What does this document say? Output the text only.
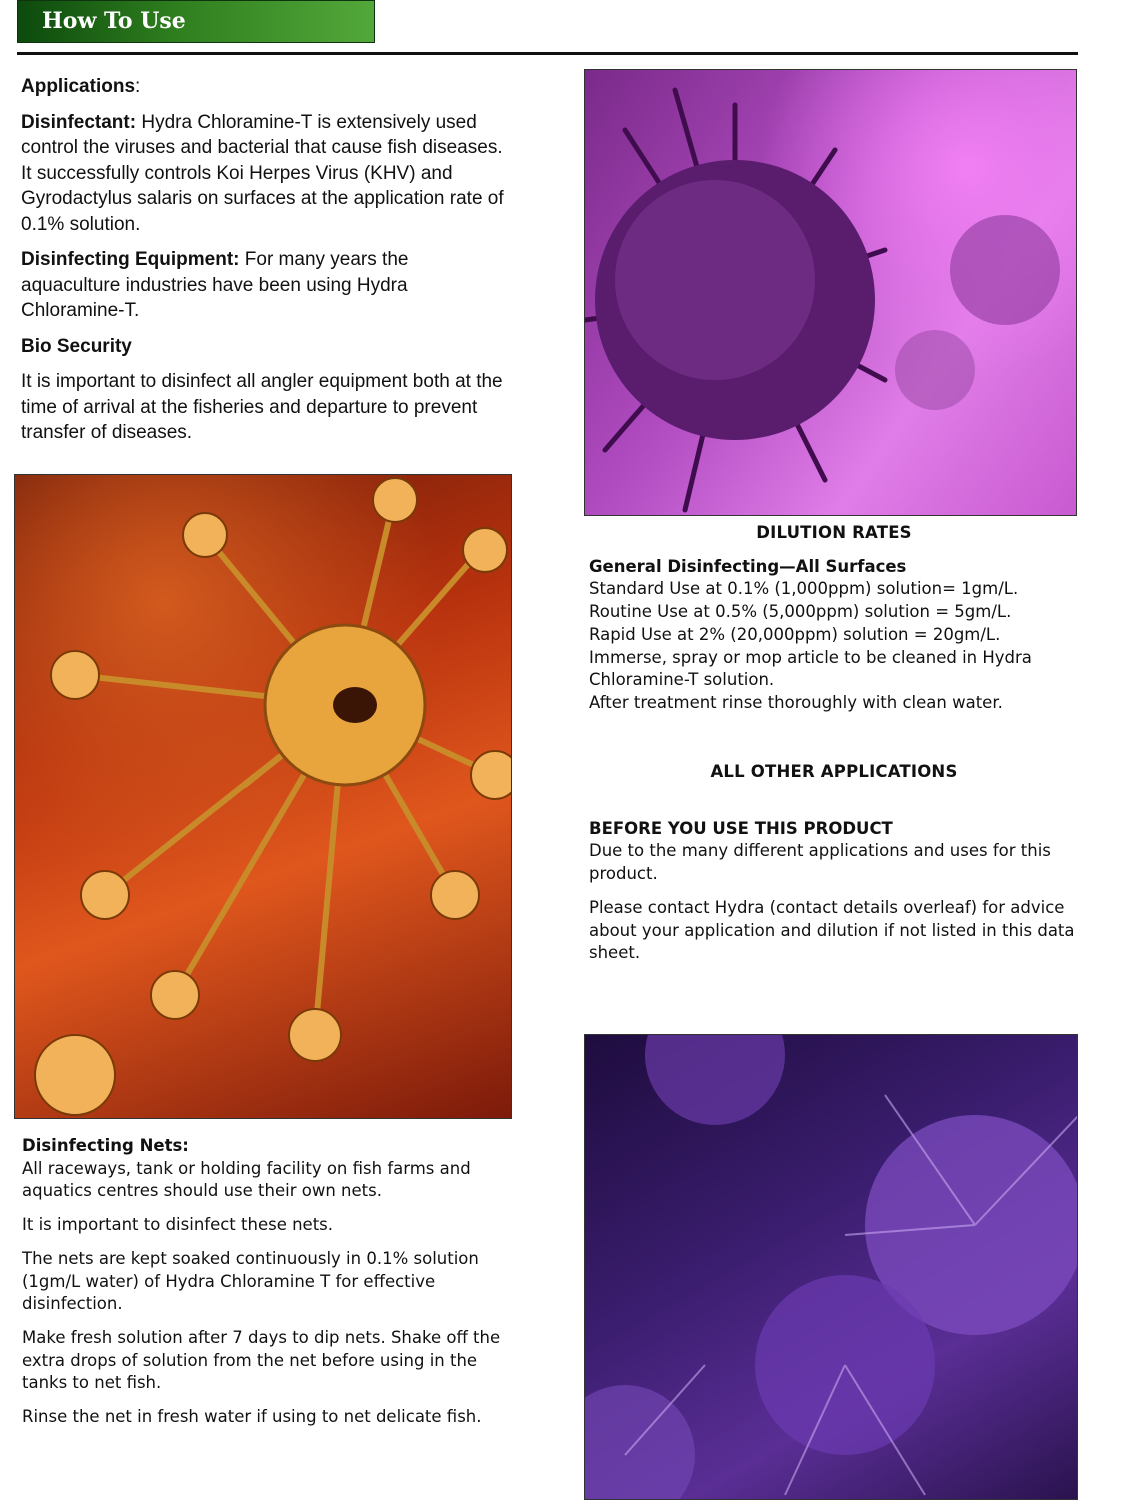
How To Use

Applications:

Disinfectant: Hydra Chloramine-T is extensively used control the viruses and bacterial that cause fish diseases. It successfully controls Koi Herpes Virus (KHV) and Gyrodactylus salaris on surfaces at the application rate of 0.1% solution.

Disinfecting Equipment: For many years the aquaculture industries have been using Hydra Chloramine-T.

Bio Security

It is important to disinfect all angler equipment both at the time of arrival at the fisheries and departure to prevent transfer of diseases.

DILUTION RATES

General Disinfecting—All Surfaces

Standard Use at 0.1% (1,000ppm) solution= 1gm/L.

Routine Use at 0.5% (5,000ppm) solution = 5gm/L.

Rapid Use at 2% (20,000ppm) solution = 20gm/L.

Immerse, spray or mop article to be cleaned in Hydra Chloramine-T solution.

After treatment rinse thoroughly with clean water.

ALL OTHER APPLICATIONS

BEFORE YOU USE THIS PRODUCT

Due to the many different applications and uses for this product.

Please contact Hydra (contact details overleaf) for advice about your application and dilution if not listed in this data sheet.

Disinfecting Nets:

All raceways, tank or holding facility on fish farms and aquatics centres should use their own nets.

It is important to disinfect these nets.

The nets are kept soaked continuously in 0.1% solution (1gm/L water) of Hydra Chloramine T for effective disinfection.

Make fresh solution after 7 days to dip nets. Shake off the extra drops of solution from the net before using in the tanks to net fish.

Rinse the net in fresh water if using to net delicate fish.
